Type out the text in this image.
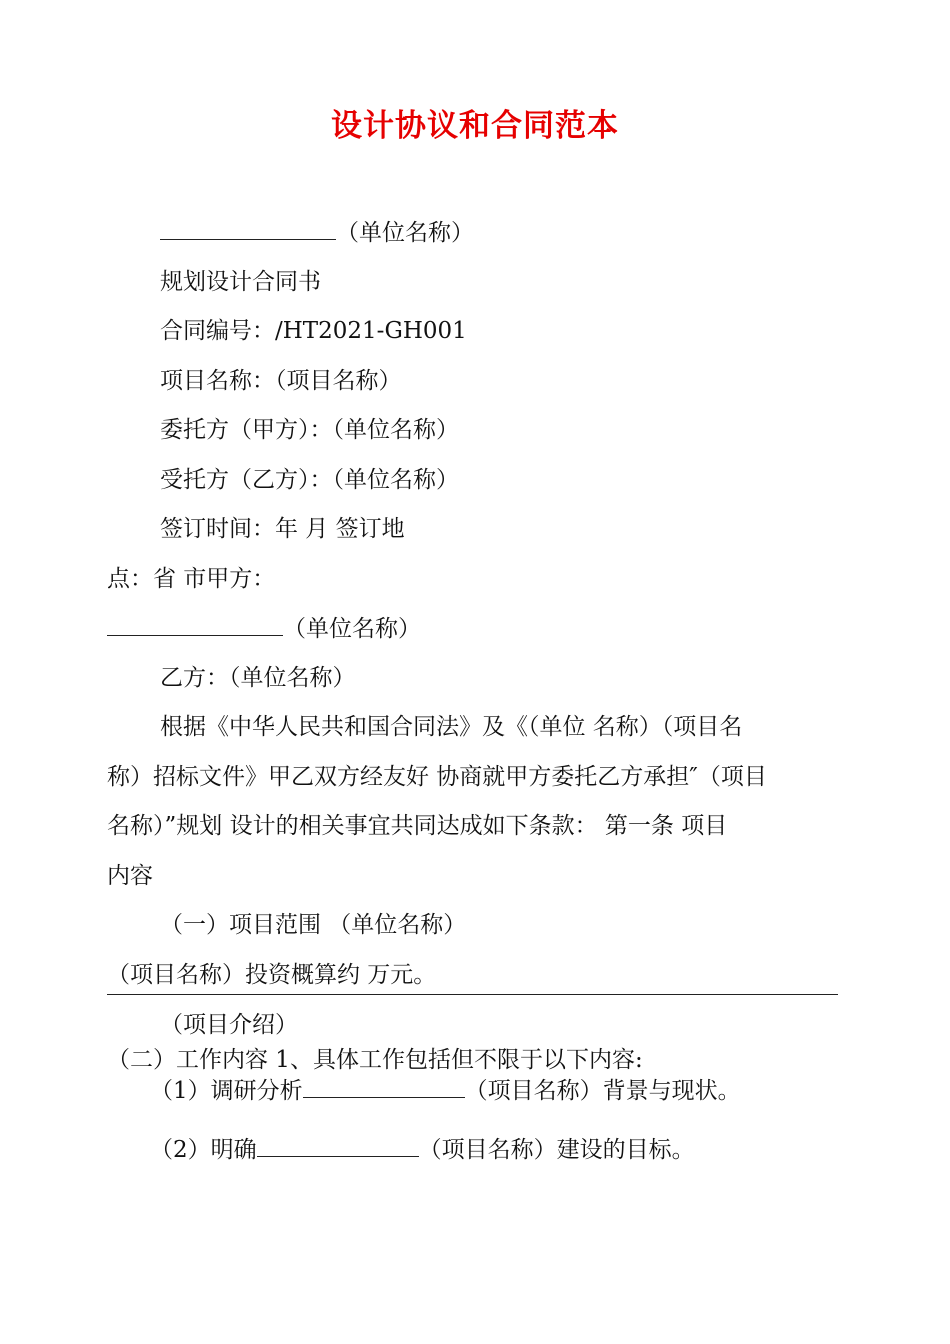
设计协议和合同范本
（单位名称）
规划设计合同书
合同编号：/HT2021-GH001
项目名称：（项目名称）
委托方（甲方）：（单位名称）
受托方（乙方）：（单位名称）
签订时间：年 月 签订地
点：省 市甲方：
（单位名称）
乙方：（单位名称）
根据《中华人民共和国合同法》及《（单位 名称）（项目名
称）招标文件》甲乙双方经友好 协商就甲方委托乙方承担″（项目
名称）”规划 设计的相关事宜共同达成如下条款： 第一条 项目
内容
（一）项目范围 （单位名称）
（项目名称）投资概算约 万元。
（项目介绍）
（二）工作内容 1、具体工作包括但不限于以下内容:
（1）调研分析	（项目名称）背景与现状。
（2）明确	（项目名称）建设的目标。
